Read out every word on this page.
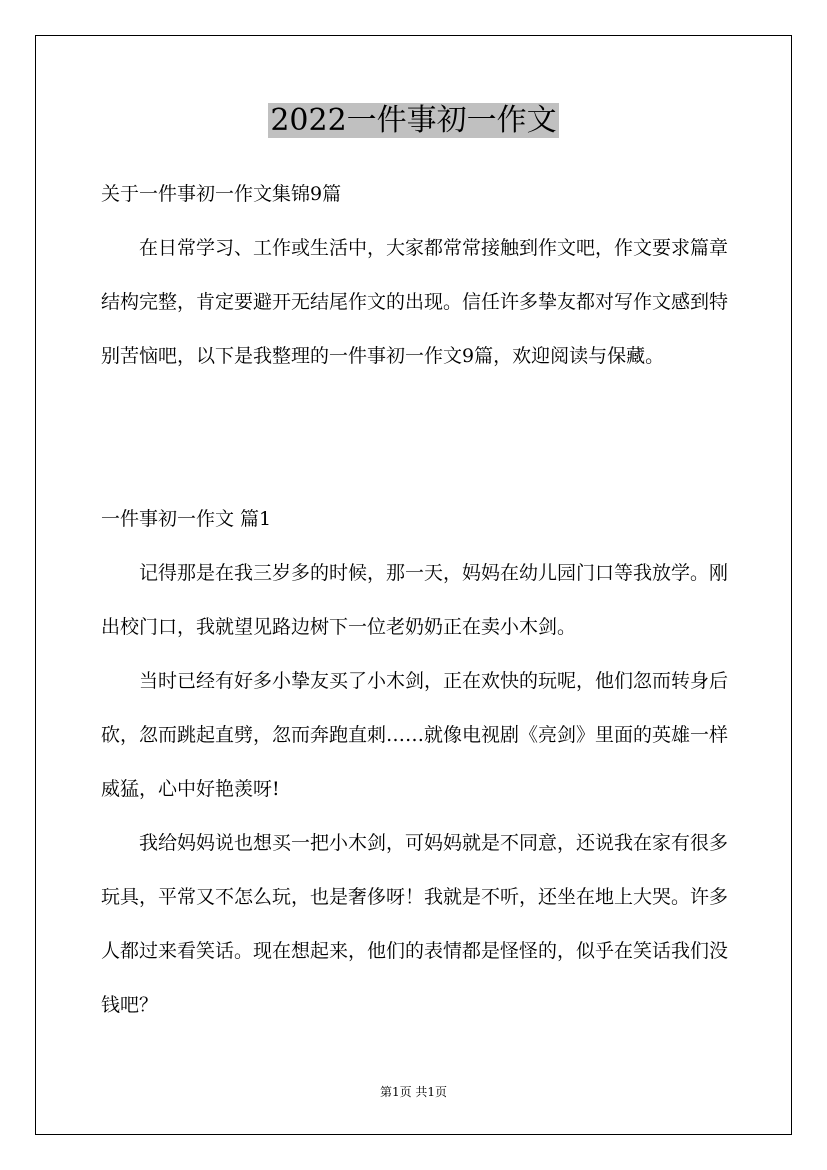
2022一件事初一作文

关于一件事初一作文集锦9篇

在日常学习、工作或生活中，大家都常常接触到作文吧，作文要求篇章结构完整，肯定要避开无结尾作文的出现。信任许多挚友都对写作文感到特别苦恼吧，以下是我整理的一件事初一作文9篇，欢迎阅读与保藏。

一件事初一作文 篇1

记得那是在我三岁多的时候，那一天，妈妈在幼儿园门口等我放学。刚出校门口，我就望见路边树下一位老奶奶正在卖小木剑。

当时已经有好多小挚友买了小木剑，正在欢快的玩呢，他们忽而转身后砍，忽而跳起直劈，忽而奔跑直刺……就像电视剧《亮剑》里面的英雄一样威猛，心中好艳羡呀!

我给妈妈说也想买一把小木剑，可妈妈就是不同意，还说我在家有很多玩具，平常又不怎么玩，也是奢侈呀！我就是不听，还坐在地上大哭。许多人都过来看笑话。现在想起来，他们的表情都是怪怪的，似乎在笑话我们没钱吧？

第1页 共1页
